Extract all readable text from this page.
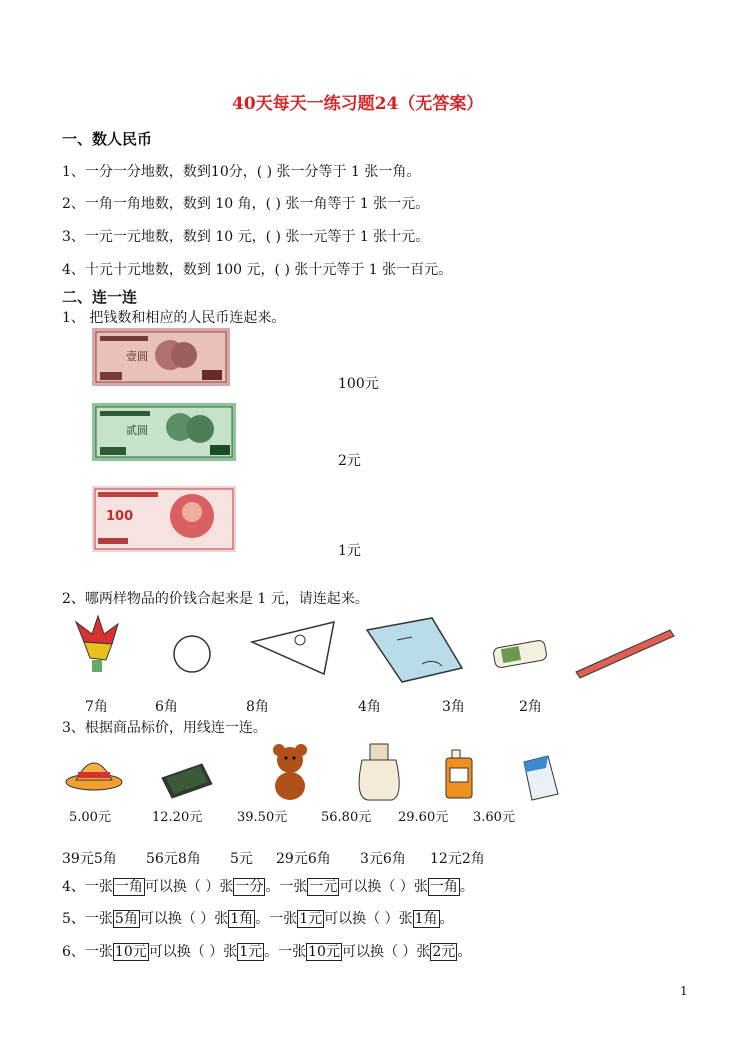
40天每天一练习题24（无答案）
一、数人民币
1、一分一分地数，数到10分，( ) 张一分等于 1 张一角。
2、一角一角地数，数到 10 角，( ) 张一角等于 1 张一元。
3、一元一元地数，数到 10 元，( ) 张一元等于 1 张十元。
4、十元十元地数，数到 100 元，( ) 张十元等于 1 张一百元。
二、连一连
1、 把钱数和相应的人民币连起来。
壹圆
贰圆
100
100元
2元
1元
2、哪两样物品的价钱合起来是 1 元，请连起来。
7角	6角	8角	4角	3角	2角
3、根据商品标价，用线连一连。
5.00元	12.20元	39.50元	56.80元 29.60元 3.60元
39元5角 56元8角 5元 29元6角 3元6角 12元2角
4、一张 一角 可以换（ ）张 一分 。一张 一元 可以换（ ）张 一角 。
5、一张 5角 可以换（ ）张 1角 。一张 1元 可以换（ ）张 1角 。
6、一张 10元 可以换（ ）张 1元 。一张 10元 可以换（ ）张 2元 。
1
